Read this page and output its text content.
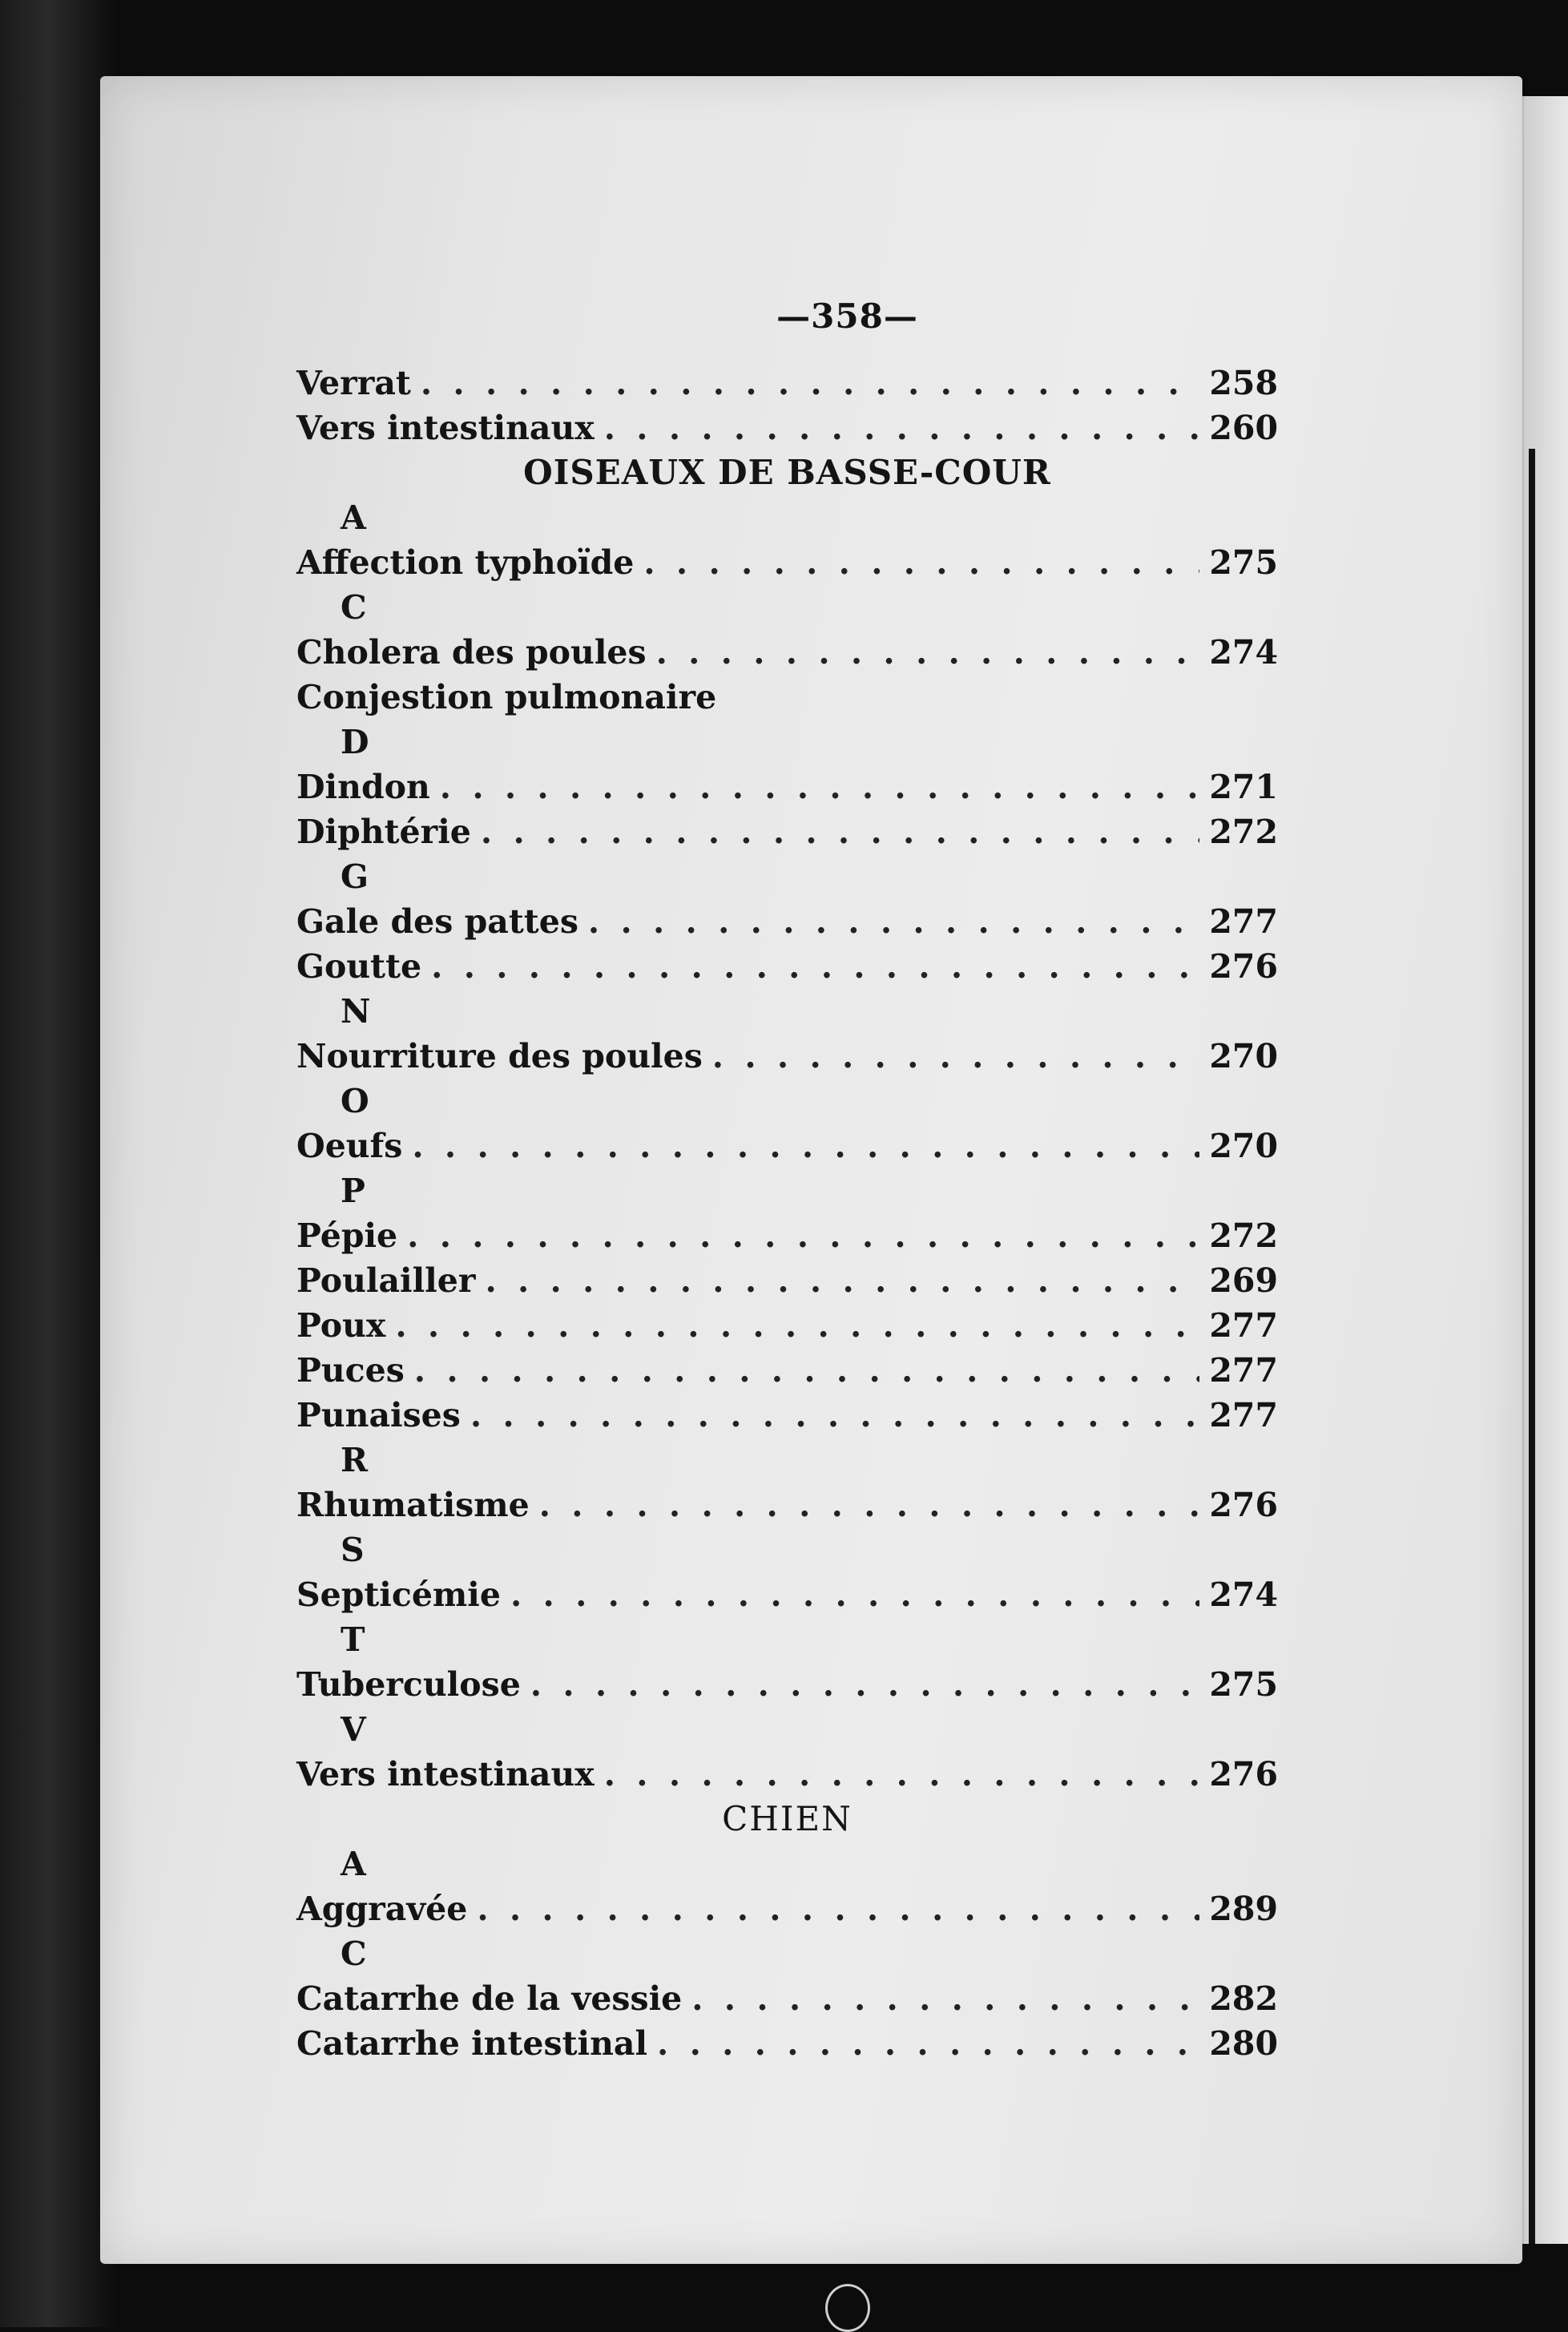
—358—
Verrat . . .	258
Vers intestinaux . . .	260
OISEAUX DE BASSE-COUR
A
Affection typhoïde . . .	275
C
Cholera des poules . . .	274
Conjestion pulmonaire
D
Dindon . . .	271
Diphtérie . . .	272
G
Gale des pattes . . .	277
Goutte . . .	276
N
Nourriture des poules . . .	270
O
Oeufs . . .	270
P
Pépie . . .	272
Poulailler . . .	269
Poux . . .	277
Puces . . .	277
Punaises . . .	277
R
Rhumatisme . . .	276
S
Septicémie . . .	274
T
Tuberculose . . .	275
V
Vers intestinaux . . .	276
CHIEN
A
Aggravée . . .	289
C
Catarrhe de la vessie . . .	282
Catarrhe intestinal . . .	280
